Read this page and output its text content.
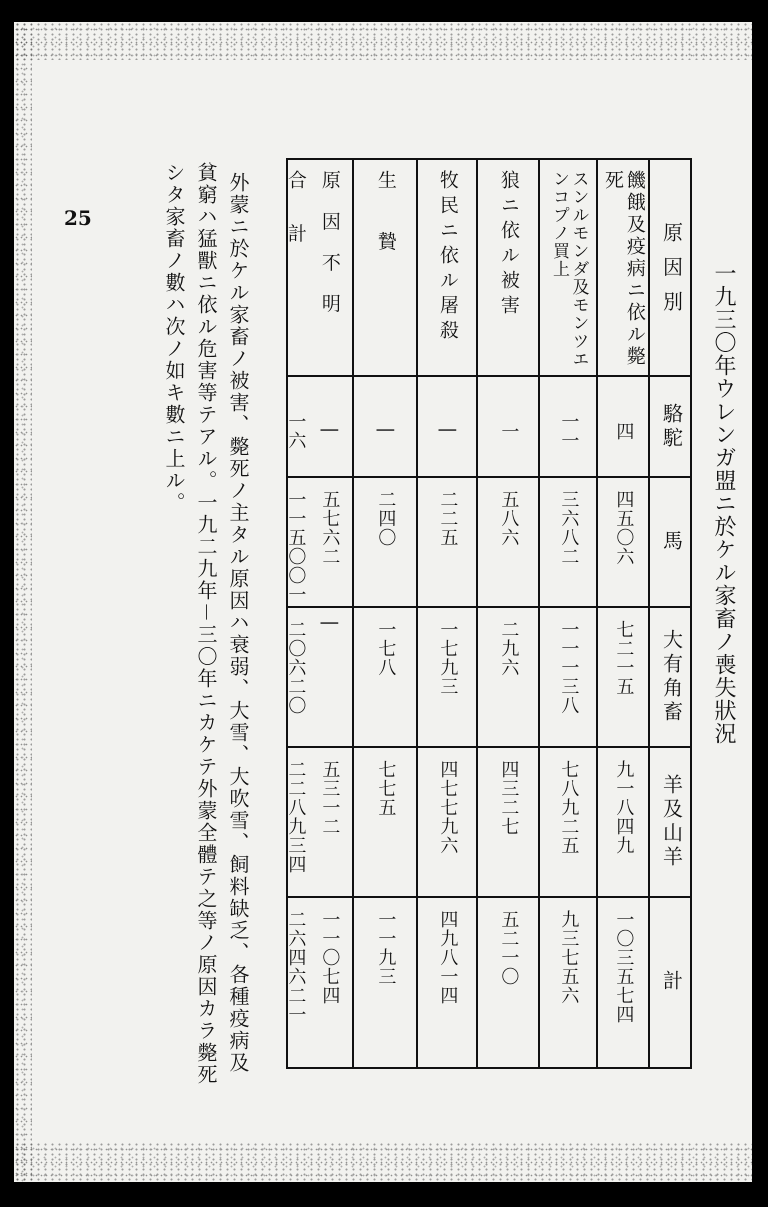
25
一九三〇年ウレンガ盟ニ於ケル家畜ノ喪失狀況
原 因 別
駱駝
馬
大有角畜
羊及山羊
計
饑餓及疫病ニ依ル斃死
四
四五〇六
七二一五
九一八四九
一〇三五七四
スンルモンダ及モンツエンコプノ買上
一一
三六八二
一一一三八
七八九二五
九三七五六
狼ニ依ル被害
一
五八六
二九六
四三二七
五二一〇
牧民ニ依ル屠殺
|
二二五
一七九三
四七七九六
四九八一四
生 贄
|
二四〇
一七八
七七五
一一九三
原 因 不 明
|
五七六二
|
五三一二
一一〇七四
合 計
一六
一一五〇〇一
二〇六二〇
二二八九三四
二六四六二一
外蒙ニ於ケル家畜ノ被害、斃死ノ主タル原因ハ衰弱、大雪、大吹雪、飼料缺乏、各種疫病及
貧窮ハ猛獸ニ依ル危害等テアル。一九二九年－三〇年ニカケテ外蒙全體テ之等ノ原因カラ斃死
シタ家畜ノ數ハ次ノ如キ數ニ上ル。
